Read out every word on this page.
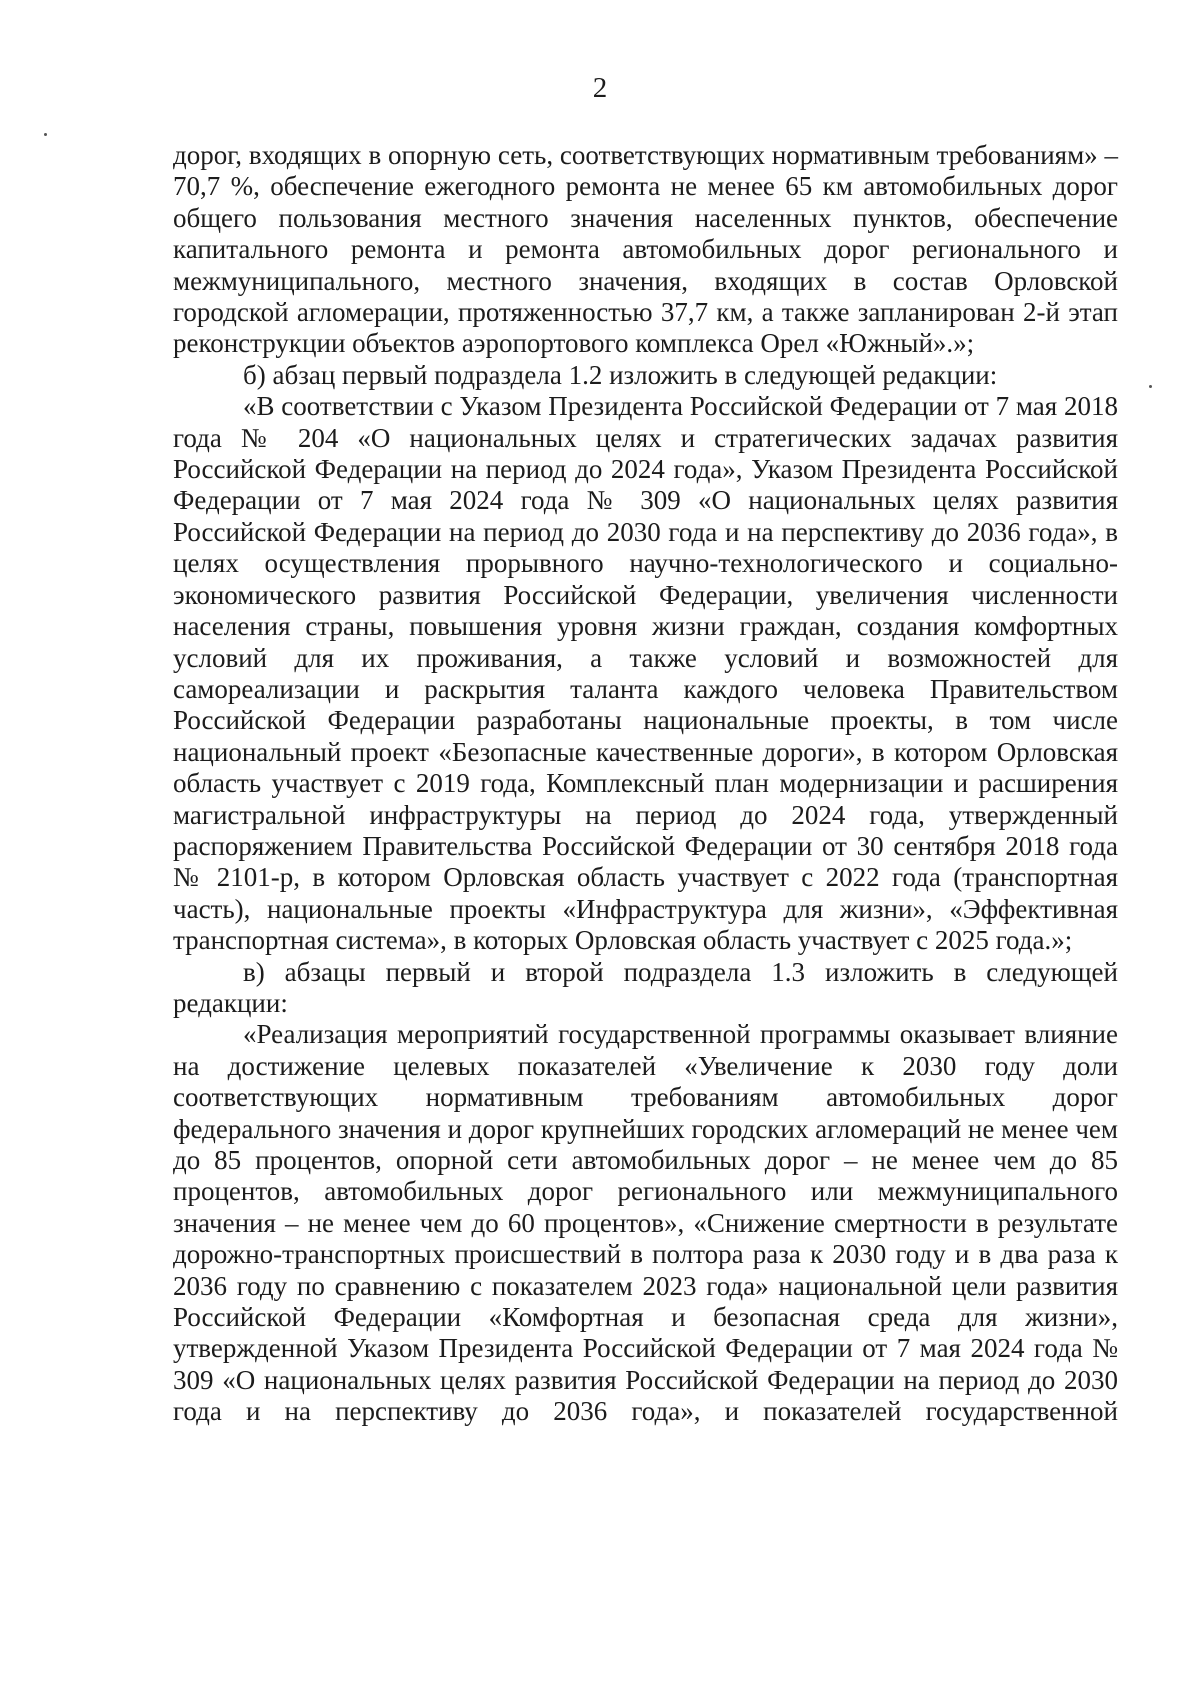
2

дорог, входящих в опорную сеть, соответствующих нормативным требованиям» – 70,7 %, обеспечение ежегодного ремонта не менее 65 км автомобильных дорог общего пользования местного значения населенных пунктов, обеспечение капитального ремонта и ремонта автомобильных дорог регионального и межмуниципального, местного значения, входящих в состав Орловской городской агломерации, протяженностью 37,7 км, а также запланирован 2-й этап реконструкции объектов аэропортового комплекса Орел «Южный».»;

б) абзац первый подраздела 1.2 изложить в следующей редакции:

«В соответствии с Указом Президента Российской Федерации от 7 мая 2018 года № 204 «О национальных целях и стратегических задачах развития Российской Федерации на период до 2024 года», Указом Президента Российской Федерации от 7 мая 2024 года № 309 «О национальных целях развития Российской Федерации на период до 2030 года и на перспективу до 2036 года», в целях осуществления прорывного научно-технологического и социально-экономического развития Российской Федерации, увеличения численности населения страны, повышения уровня жизни граждан, создания комфортных условий для их проживания, а также условий и возможностей для самореализации и раскрытия таланта каждого человека Правительством Российской Федерации разработаны национальные проекты, в том числе национальный проект «Безопасные качественные дороги», в котором Орловская область участвует с 2019 года, Комплексный план модернизации и расширения магистральной инфраструктуры на период до 2024 года, утвержденный распоряжением Правительства Российской Федерации от 30 сентября 2018 года № 2101-р, в котором Орловская область участвует с 2022 года (транспортная часть), национальные проекты «Инфраструктура для жизни», «Эффективная транспортная система», в которых Орловская область участвует с 2025 года.»;

в) абзацы первый и второй подраздела 1.3 изложить в следующей редакции:

«Реализация мероприятий государственной программы оказывает влияние на достижение целевых показателей «Увеличение к 2030 году доли соответствующих нормативным требованиям автомобильных дорог федерального значения и дорог крупнейших городских агломераций не менее чем до 85 процентов, опорной сети автомобильных дорог – не менее чем до 85 процентов, автомобильных дорог регионального или межмуниципального значения – не менее чем до 60 процентов», «Снижение смертности в результате дорожно-транспортных происшествий в полтора раза к 2030 году и в два раза к 2036 году по сравнению с показателем 2023 года» национальной цели развития Российской Федерации «Комфортная и безопасная среда для жизни», утвержденной Указом Президента Российской Федерации от 7 мая 2024 года № 309 «О национальных целях развития Российской Федерации на период до 2030 года и на перспективу до 2036 года», и показателей государственной
